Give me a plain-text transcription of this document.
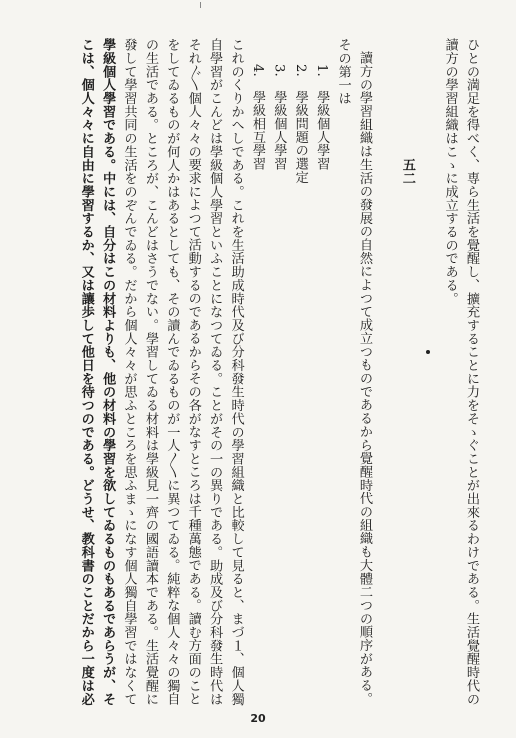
ひとの満足を得べく、専ら生活を覺醒し、擴充することに力をそゝぐことが出來るわけである。生活覺醒時代の
讀方の學習組織はこゝに成立するのである。
五二
讀方の學習組織は生活の發展の自然によつて成立つものであるから覺醒時代の組織も大體二つの順序がある。
その第一は
1.　學級個人學習
2.　學級問題の選定
3.　學級個人學習
4.　學級相互學習
これのくりかへしである。これを生活助成時代及び分科發生時代の學習組織と比較して見ると、まづ１、個人獨
自學習がこんどは學級個人學習といふことになつてゐる。ことがその一の異りである。助成及び分科發生時代は
それ〴〵個人々々の要求によつて活動するのであるからその各がなすところは千種萬態である。讀む方面のこと
をしてゐるものが何人かはあるとしても、その讀んでゐるものが一人〳〵に異つてゐる。純粹な個人々々の獨自
の生活である。ところが、こんどはさうでない。學習してゐる材料は學級見一齊の國語讀本である。生活覺醒に
發して學習共同の生活をのぞんでゐる。だから個人々々が思ふところを思ふまゝになす個人獨自學習ではなくて
學級個人學習である。中には、自分はこの材料よりも、他の材料の學習を欲してゐるものもあるであらうが、そ
こは、個人々々に自由に學習するか、又は讓歩して他日を待つのである。どうせ、教科書のことだから一度は必
20
